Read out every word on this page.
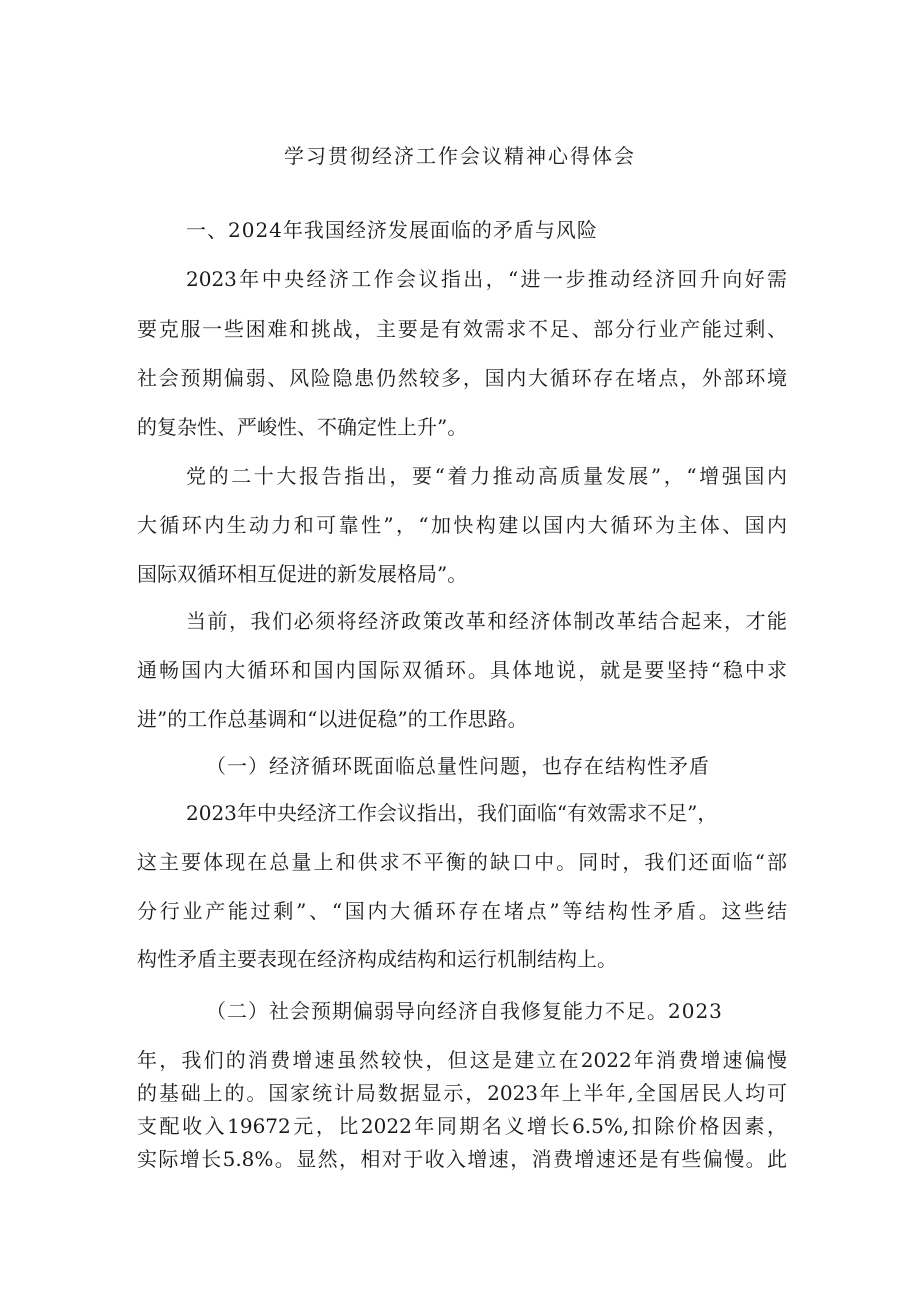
学习贯彻经济工作会议精神心得体会
一、2024年我国经济发展面临的矛盾与风险
2023年中央经济工作会议指出，“进一步推动经济回升向好需
要克服一些困难和挑战，主要是有效需求不足、部分行业产能过剩、
社会预期偏弱、风险隐患仍然较多，国内大循环存在堵点，外部环境
的复杂性、严峻性、不确定性上升”。
党的二十大报告指出，要“着力推动高质量发展”，“增强国内
大循环内生动力和可靠性”，“加快构建以国内大循环为主体、国内
国际双循环相互促进的新发展格局”。
当前，我们必须将经济政策改革和经济体制改革结合起来，才能
通畅国内大循环和国内国际双循环。具体地说，就是要坚持“稳中求
进”的工作总基调和“以进促稳”的工作思路。
（一）经济循环既面临总量性问题，也存在结构性矛盾
2023年中央经济工作会议指出，我们面临“有效需求不足”，
这主要体现在总量上和供求不平衡的缺口中。同时，我们还面临“部
分行业产能过剩”、“国内大循环存在堵点”等结构性矛盾。这些结
构性矛盾主要表现在经济构成结构和运行机制结构上。
（二）社会预期偏弱导向经济自我修复能力不足。2023
年，我们的消费增速虽然较快，但这是建立在2022年消费增速偏慢
的基础上的。国家统计局数据显示，2023年上半年,全国居民人均可
支配收入19672元，比2022年同期名义增长6.5%,扣除价格因素，
实际增长5.8%。显然，相对于收入增速，消费增速还是有些偏慢。此
